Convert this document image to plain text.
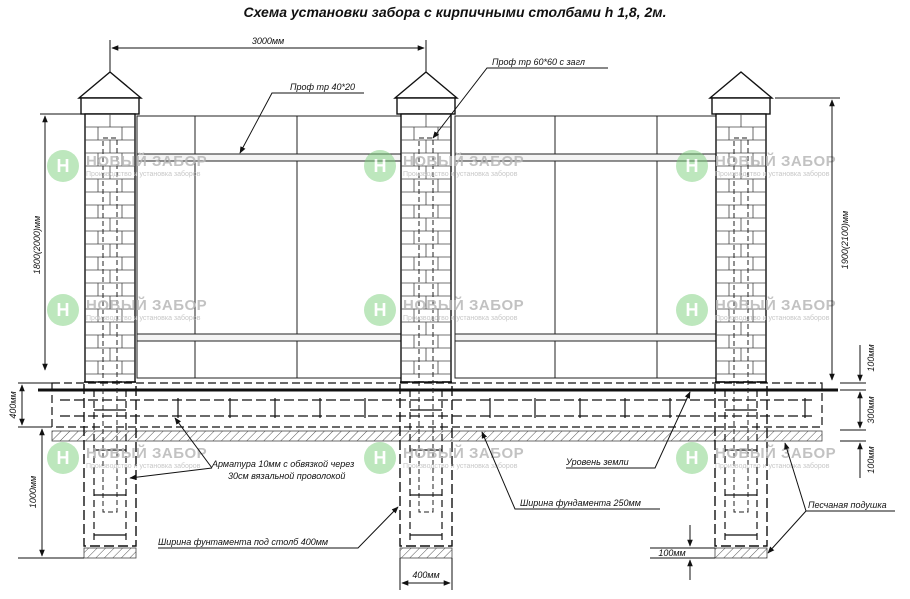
Схема установки забора с кирпичными столбами h 1,8, 2м.
Н НОВЫЙ ЗАБОР
Производство и установка заборов	Н НОВЫЙ ЗАБОР
Производство и установка заборов	Н НОВЫЙ ЗАБОР
Производство и установка заборов
Н НОВЫЙ ЗАБОР
Производство и установка заборов	Н НОВЫЙ ЗАБОР
Производство и установка заборов	Н НОВЫЙ ЗАБОР
Производство и установка заборов
Н НОВЫЙ ЗАБОР
Производство и установка заборов	Н НОВЫЙ ЗАБОР
Производство и установка заборов	Н НОВЫЙ ЗАБОР
Производство и установка заборов
3000мм
1800(2000)мм	1900(2100)мм
100мм
300мм
100мм
400мм
1000мм
400мм
100мм
Проф тр 40*20
Проф тр 60*60 с загл
Арматура 10мм с обвязкой через
30см вязальной проволокой
Уровень земли
Ширина фундамента 250мм	Песчаная подушка
Ширина фунтамента под столб 400мм
